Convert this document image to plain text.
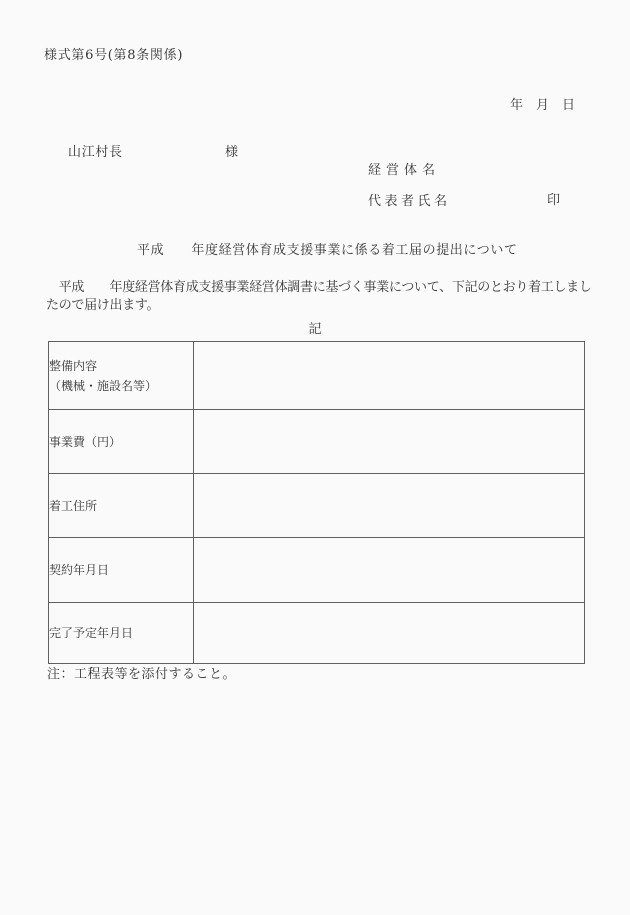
様式第6号(第8条関係)
年　月　日
山江村長	様
経営体名
代表者氏名	印
平成　　年度経営体育成支援事業に係る着工届の提出について
　平成　　年度経営体育成支援事業経営体調書に基づく事業について、下記のとおり着工しまし
たので届け出ます。
記
整備内容
（機械・施設名等）	

事業費（円）	

着工住所	

契約年月日	

完了予定年月日	

注：工程表等を添付すること。
